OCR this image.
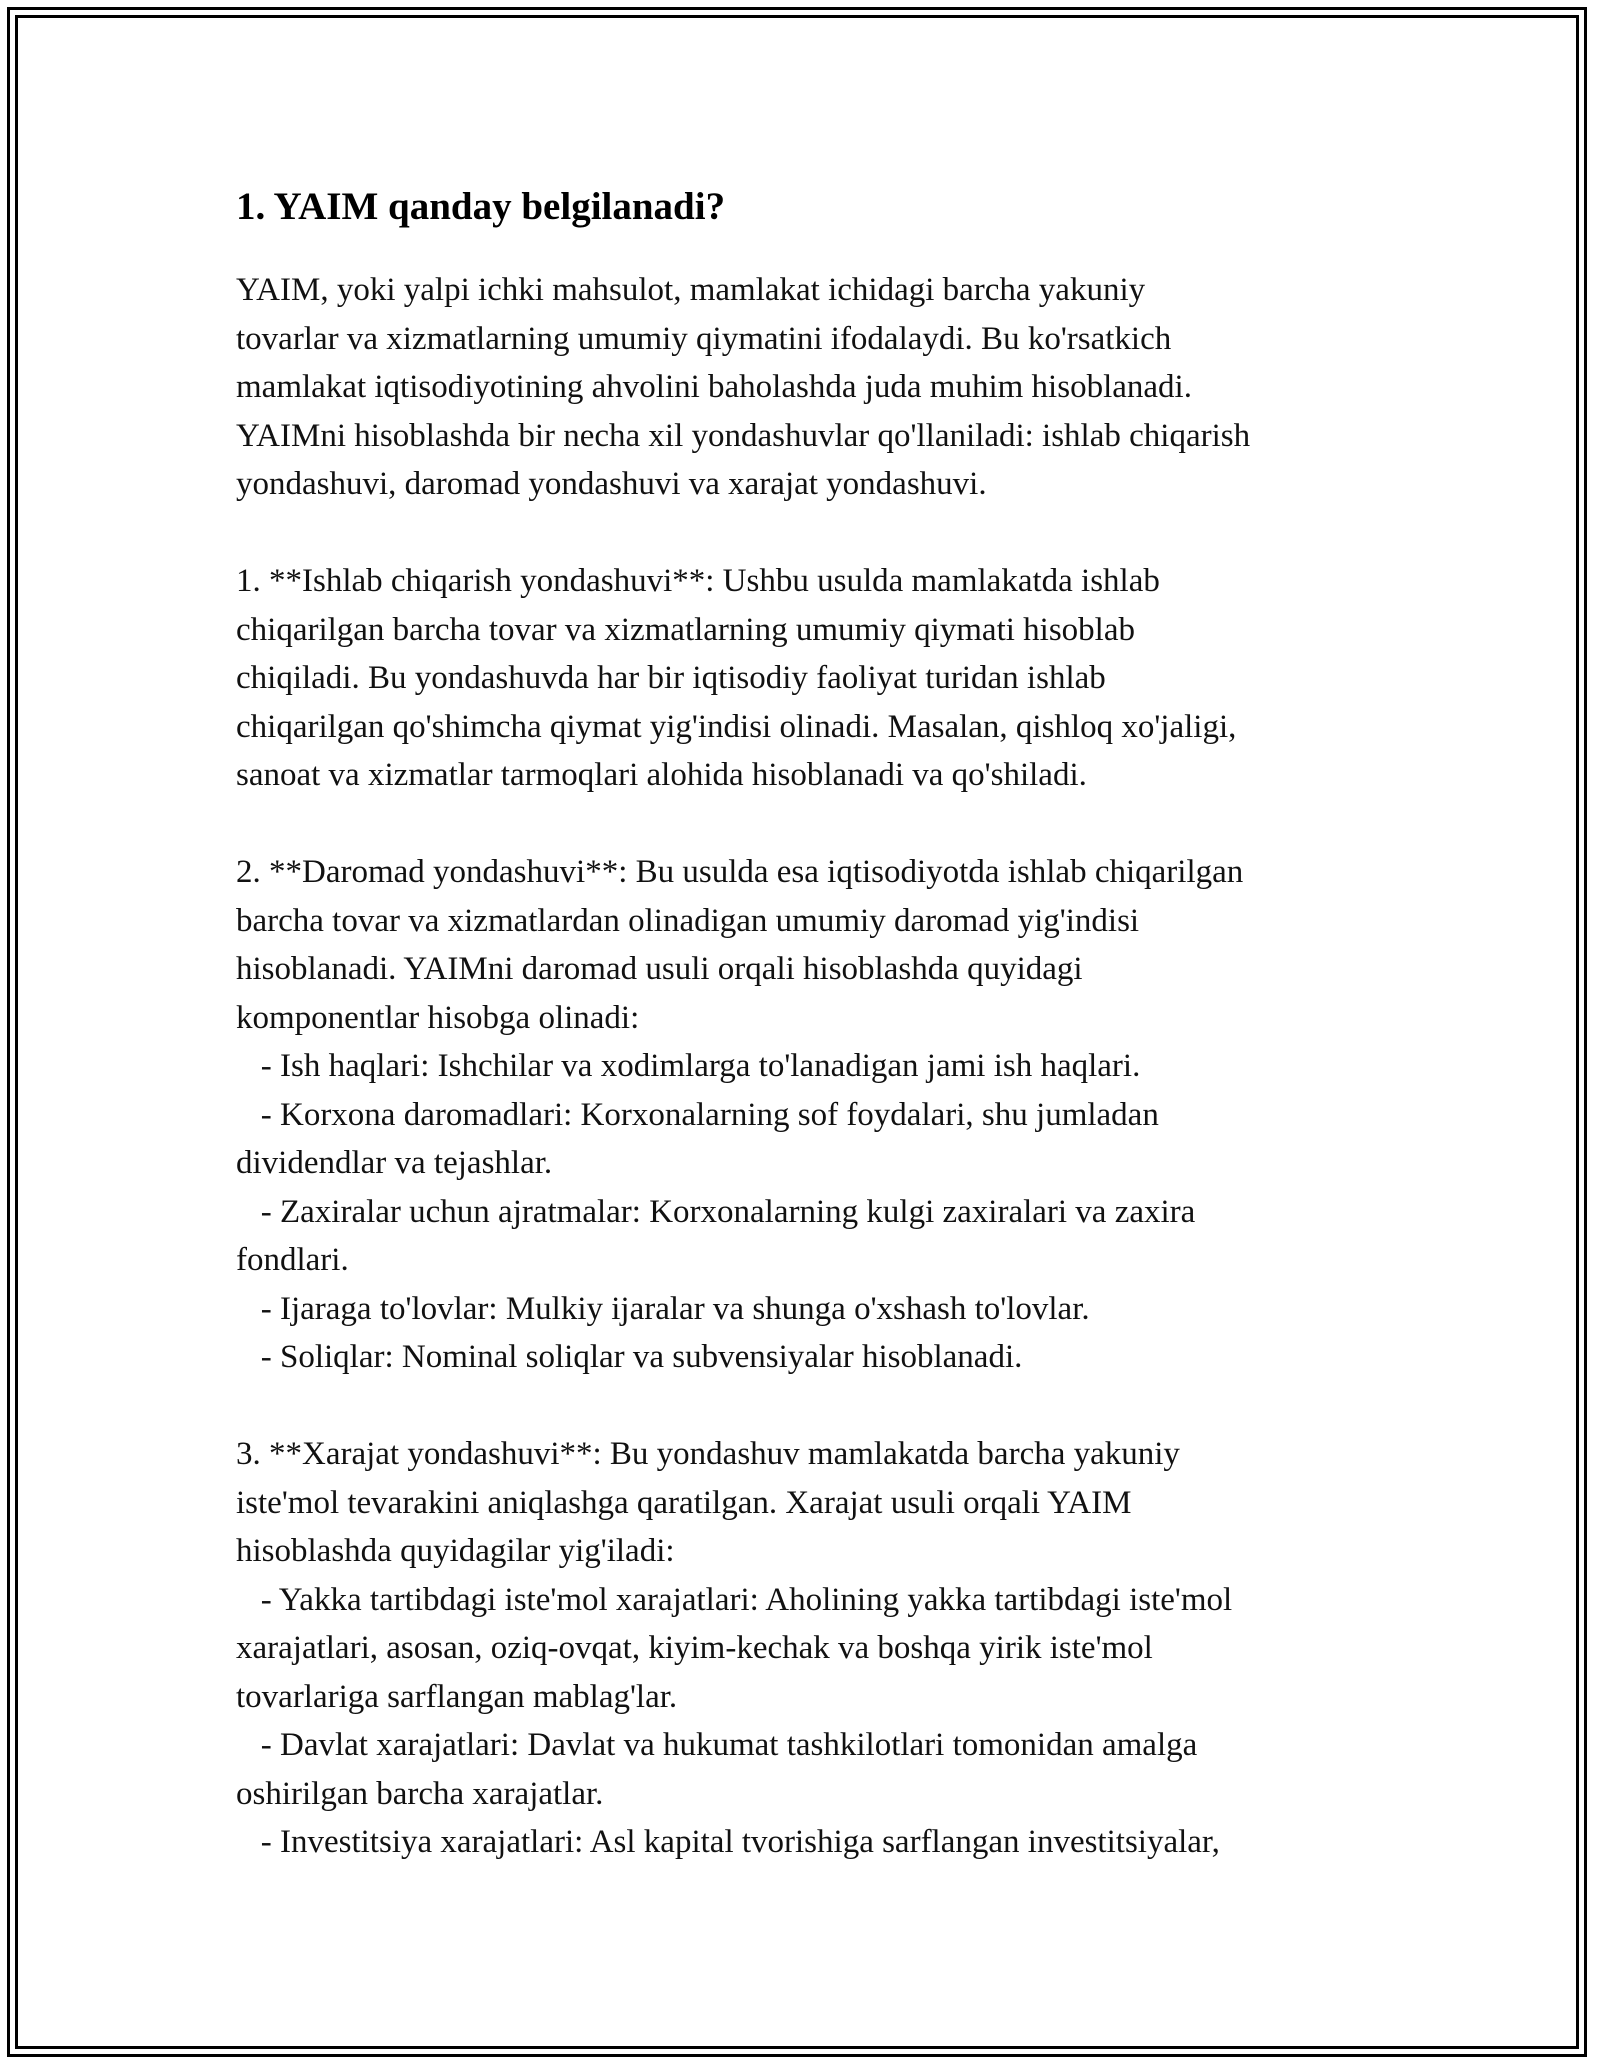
1. YAIM qanday belgilanadi?

YAIM, yoki yalpi ichki mahsulot, mamlakat ichidagi barcha yakuniy

tovarlar va xizmatlarning umumiy qiymatini ifodalaydi. Bu ko'rsatkich

mamlakat iqtisodiyotining ahvolini baholashda juda muhim hisoblanadi.

YAIMni hisoblashda bir necha xil yondashuvlar qo'llaniladi: ishlab chiqarish

yondashuvi, daromad yondashuvi va xarajat yondashuvi.

1. **Ishlab chiqarish yondashuvi**: Ushbu usulda mamlakatda ishlab

chiqarilgan barcha tovar va xizmatlarning umumiy qiymati hisoblab

chiqiladi. Bu yondashuvda har bir iqtisodiy faoliyat turidan ishlab

chiqarilgan qo'shimcha qiymat yig'indisi olinadi. Masalan, qishloq xo'jaligi,

sanoat va xizmatlar tarmoqlari alohida hisoblanadi va qo'shiladi.

2. **Daromad yondashuvi**: Bu usulda esa iqtisodiyotda ishlab chiqarilgan

barcha tovar va xizmatlardan olinadigan umumiy daromad yig'indisi

hisoblanadi. YAIMni daromad usuli orqali hisoblashda quyidagi

komponentlar hisobga olinadi:

- Ish haqlari: Ishchilar va xodimlarga to'lanadigan jami ish haqlari.

- Korxona daromadlari: Korxonalarning sof foydalari, shu jumladan

dividendlar va tejashlar.

- Zaxiralar uchun ajratmalar: Korxonalarning kulgi zaxiralari va zaxira

fondlari.

- Ijaraga to'lovlar: Mulkiy ijaralar va shunga o'xshash to'lovlar.

- Soliqlar: Nominal soliqlar va subvensiyalar hisoblanadi.

3. **Xarajat yondashuvi**: Bu yondashuv mamlakatda barcha yakuniy

iste'mol tevarakini aniqlashga qaratilgan. Xarajat usuli orqali YAIM

hisoblashda quyidagilar yig'iladi:

- Yakka tartibdagi iste'mol xarajatlari: Aholining yakka tartibdagi iste'mol

xarajatlari, asosan, oziq-ovqat, kiyim-kechak va boshqa yirik iste'mol

tovarlariga sarflangan mablag'lar.

- Davlat xarajatlari: Davlat va hukumat tashkilotlari tomonidan amalga

oshirilgan barcha xarajatlar.

- Investitsiya xarajatlari: Asl kapital tvorishiga sarflangan investitsiyalar,
